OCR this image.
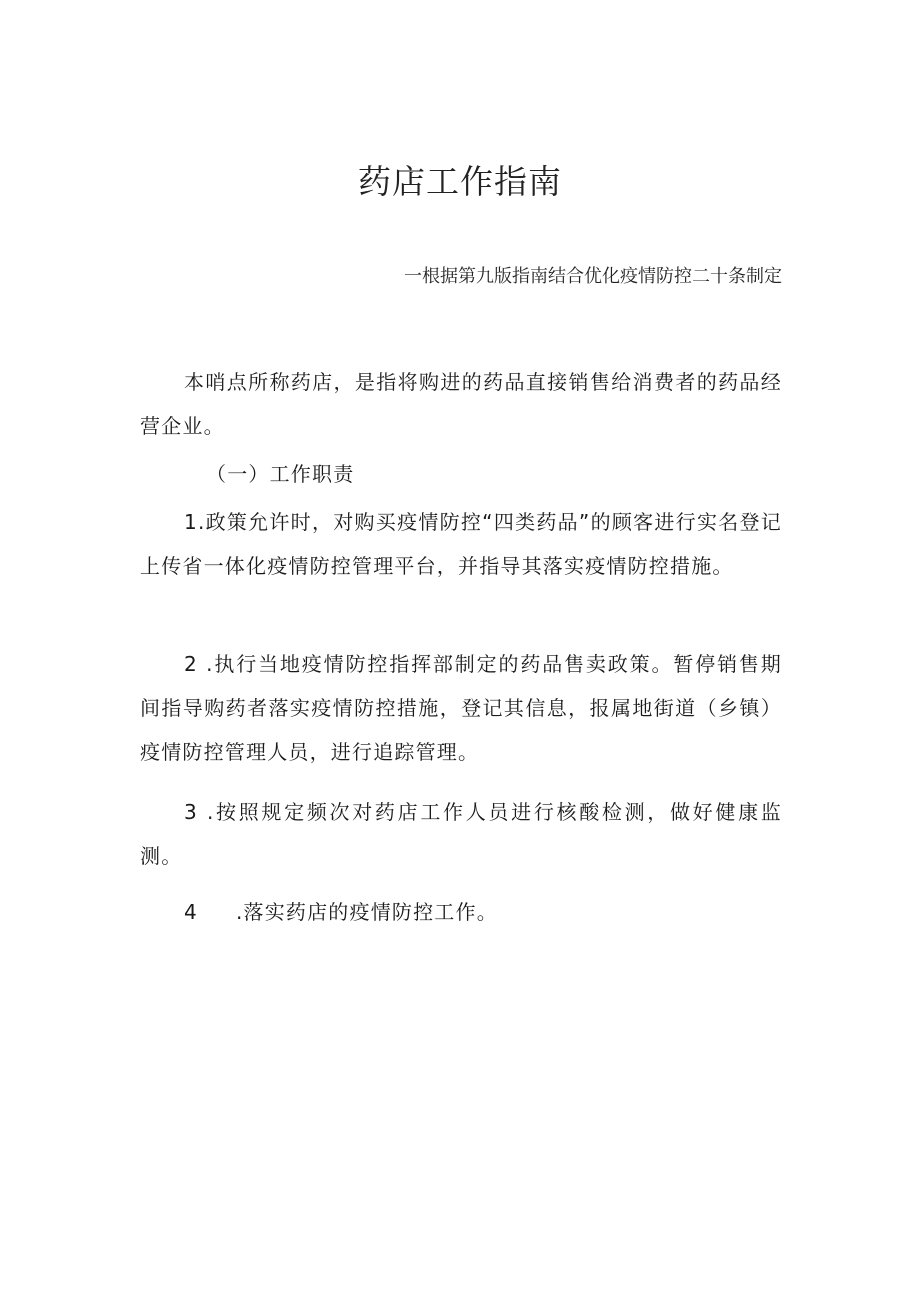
药店工作指南

一根据第九版指南结合优化疫情防控二十条制定

本哨点所称药店，是指将购进的药品直接销售给消费者的药品经营企业。

（一）工作职责

1.政策允许时，对购买疫情防控“四类药品”的顾客进行实名登记上传省一体化疫情防控管理平台，并指导其落实疫情防控措施。

2 .执行当地疫情防控指挥部制定的药品售卖政策。暂停销售期间指导购药者落实疫情防控措施，登记其信息，报属地街道（乡镇）疫情防控管理人员，进行追踪管理。

3 .按照规定频次对药店工作人员进行核酸检测，做好健康监测。

4 .落实药店的疫情防控工作。
